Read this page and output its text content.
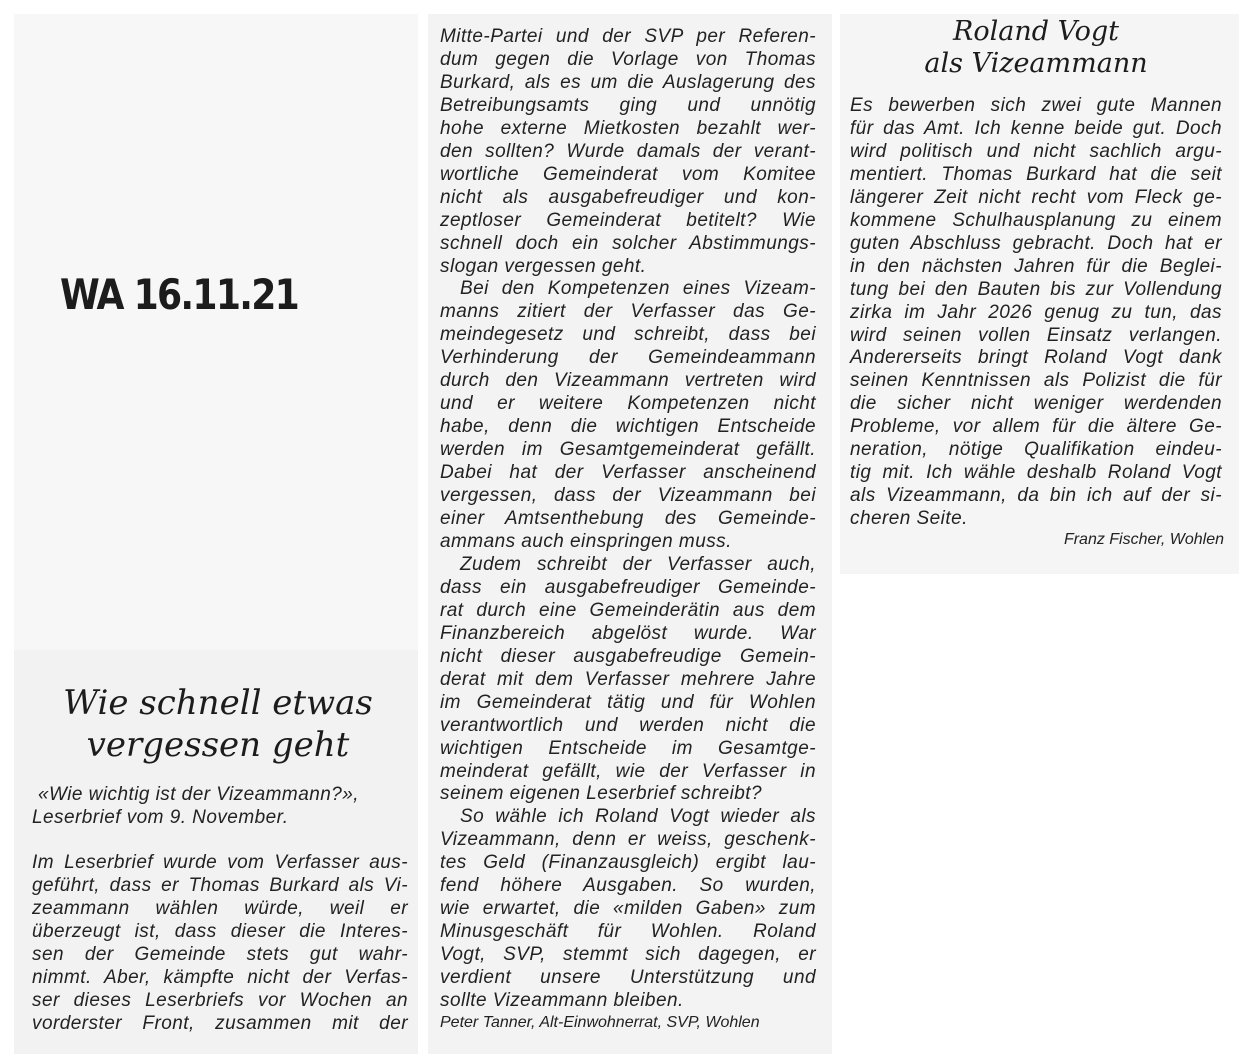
WA 16.11.21
Wie schnell etwas
vergessen geht
«Wie wichtig ist der Vizeammann?»,
Leserbrief vom 9. November.
Im Leserbrief wurde vom Verfasser aus-
geführt, dass er Thomas Burkard als Vi-
zeammann wählen würde, weil er
überzeugt ist, dass dieser die Interes-
sen der Gemeinde stets gut wahr-
nimmt. Aber, kämpfte nicht der Verfas-
ser dieses Leserbriefs vor Wochen an
vorderster Front, zusammen mit der
Mitte-Partei und der SVP per Referen-
dum gegen die Vorlage von Thomas
Burkard, als es um die Auslagerung des
Betreibungsamts ging und unnötig
hohe externe Mietkosten bezahlt wer-
den sollten? Wurde damals der verant-
wortliche Gemeinderat vom Komitee
nicht als ausgabefreudiger und kon-
zeptloser Gemeinderat betitelt? Wie
schnell doch ein solcher Abstimmungs-
slogan vergessen geht.
Bei den Kompetenzen eines Vizeam-
manns zitiert der Verfasser das Ge-
meindegesetz und schreibt, dass bei
Verhinderung der Gemeindeammann
durch den Vizeammann vertreten wird
und er weitere Kompetenzen nicht
habe, denn die wichtigen Entscheide
werden im Gesamtgemeinderat gefällt.
Dabei hat der Verfasser anscheinend
vergessen, dass der Vizeammann bei
einer Amtsenthebung des Gemeinde-
ammans auch einspringen muss.
Zudem schreibt der Verfasser auch,
dass ein ausgabefreudiger Gemeinde-
rat durch eine Gemeinderätin aus dem
Finanzbereich abgelöst wurde. War
nicht dieser ausgabefreudige Gemein-
derat mit dem Verfasser mehrere Jahre
im Gemeinderat tätig und für Wohlen
verantwortlich und werden nicht die
wichtigen Entscheide im Gesamtge-
meinderat gefällt, wie der Verfasser in
seinem eigenen Leserbrief schreibt?
So wähle ich Roland Vogt wieder als
Vizeammann, denn er weiss, geschenk-
tes Geld (Finanzausgleich) ergibt lau-
fend höhere Ausgaben. So wurden,
wie erwartet, die «milden Gaben» zum
Minusgeschäft für Wohlen. Roland
Vogt, SVP, stemmt sich dagegen, er
verdient unsere Unterstützung und
sollte Vizeammann bleiben.
Peter Tanner, Alt-Einwohnerrat, SVP, Wohlen
Roland Vogt
als Vizeammann
Es bewerben sich zwei gute Mannen
für das Amt. Ich kenne beide gut. Doch
wird politisch und nicht sachlich argu-
mentiert. Thomas Burkard hat die seit
längerer Zeit nicht recht vom Fleck ge-
kommene Schulhausplanung zu einem
guten Abschluss gebracht. Doch hat er
in den nächsten Jahren für die Beglei-
tung bei den Bauten bis zur Vollendung
zirka im Jahr 2026 genug zu tun, das
wird seinen vollen Einsatz verlangen.
Andererseits bringt Roland Vogt dank
seinen Kenntnissen als Polizist die für
die sicher nicht weniger werdenden
Probleme, vor allem für die ältere Ge-
neration, nötige Qualifikation eindeu-
tig mit. Ich wähle deshalb Roland Vogt
als Vizeammann, da bin ich auf der si-
cheren Seite.
Franz Fischer, Wohlen
